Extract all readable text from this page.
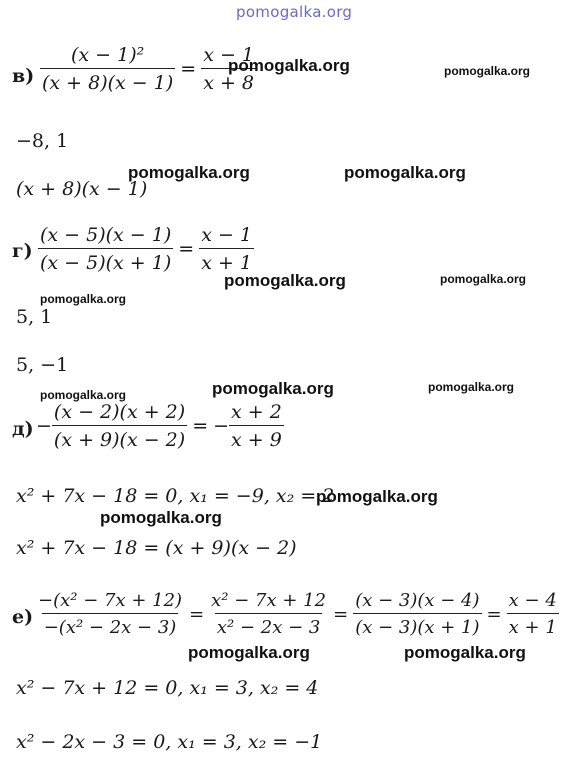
pomogalka.org
$в) \frac{\text{(x − 1)²}}{(x + 8)(x - 1)} = \frac{x - 1}{x + 8}$
pomogalka.org	pomogalka.org
−8, 1
pomogalka.org	pomogalka.org
(x + 8)(x − 1)
$г) \frac{(x - 5)(x - 1)}{(x - 5)(x + 1)} = \frac{x - 1}{x + 1}$
pomogalka.org	pomogalka.org
pomogalka.org
5, 1
5, −1
pomogalka.org	pomogalka.org	pomogalka.org
$д) - \frac{(x - 2)(x + 2)}{(x + 9)(x - 2)}$ = − $\frac{x + 2}{x + 9}$
x² + 7x − 18 = 0, x₁ = −9, x₂ = 2
pomogalka.org
pomogalka.org
x² + 7x − 18 = (x + 9)(x − 2)
$е) \frac{\text{−(x² − 7x + 12)}}{\text{−(x² − 2x − 3)}} = \frac{\text{x² − 7x + 12}}{\text{x² − 2x − 3}} = \frac{(x - 3)(x - 4)}{(x - 3)(x + 1)} = \frac{x - 4}{x + 1}$
pomogalka.org	pomogalka.org
x² − 7x + 12 = 0, x₁ = 3, x₂ = 4
x² − 2x − 3 = 0, x₁ = 3, x₂ = −1
